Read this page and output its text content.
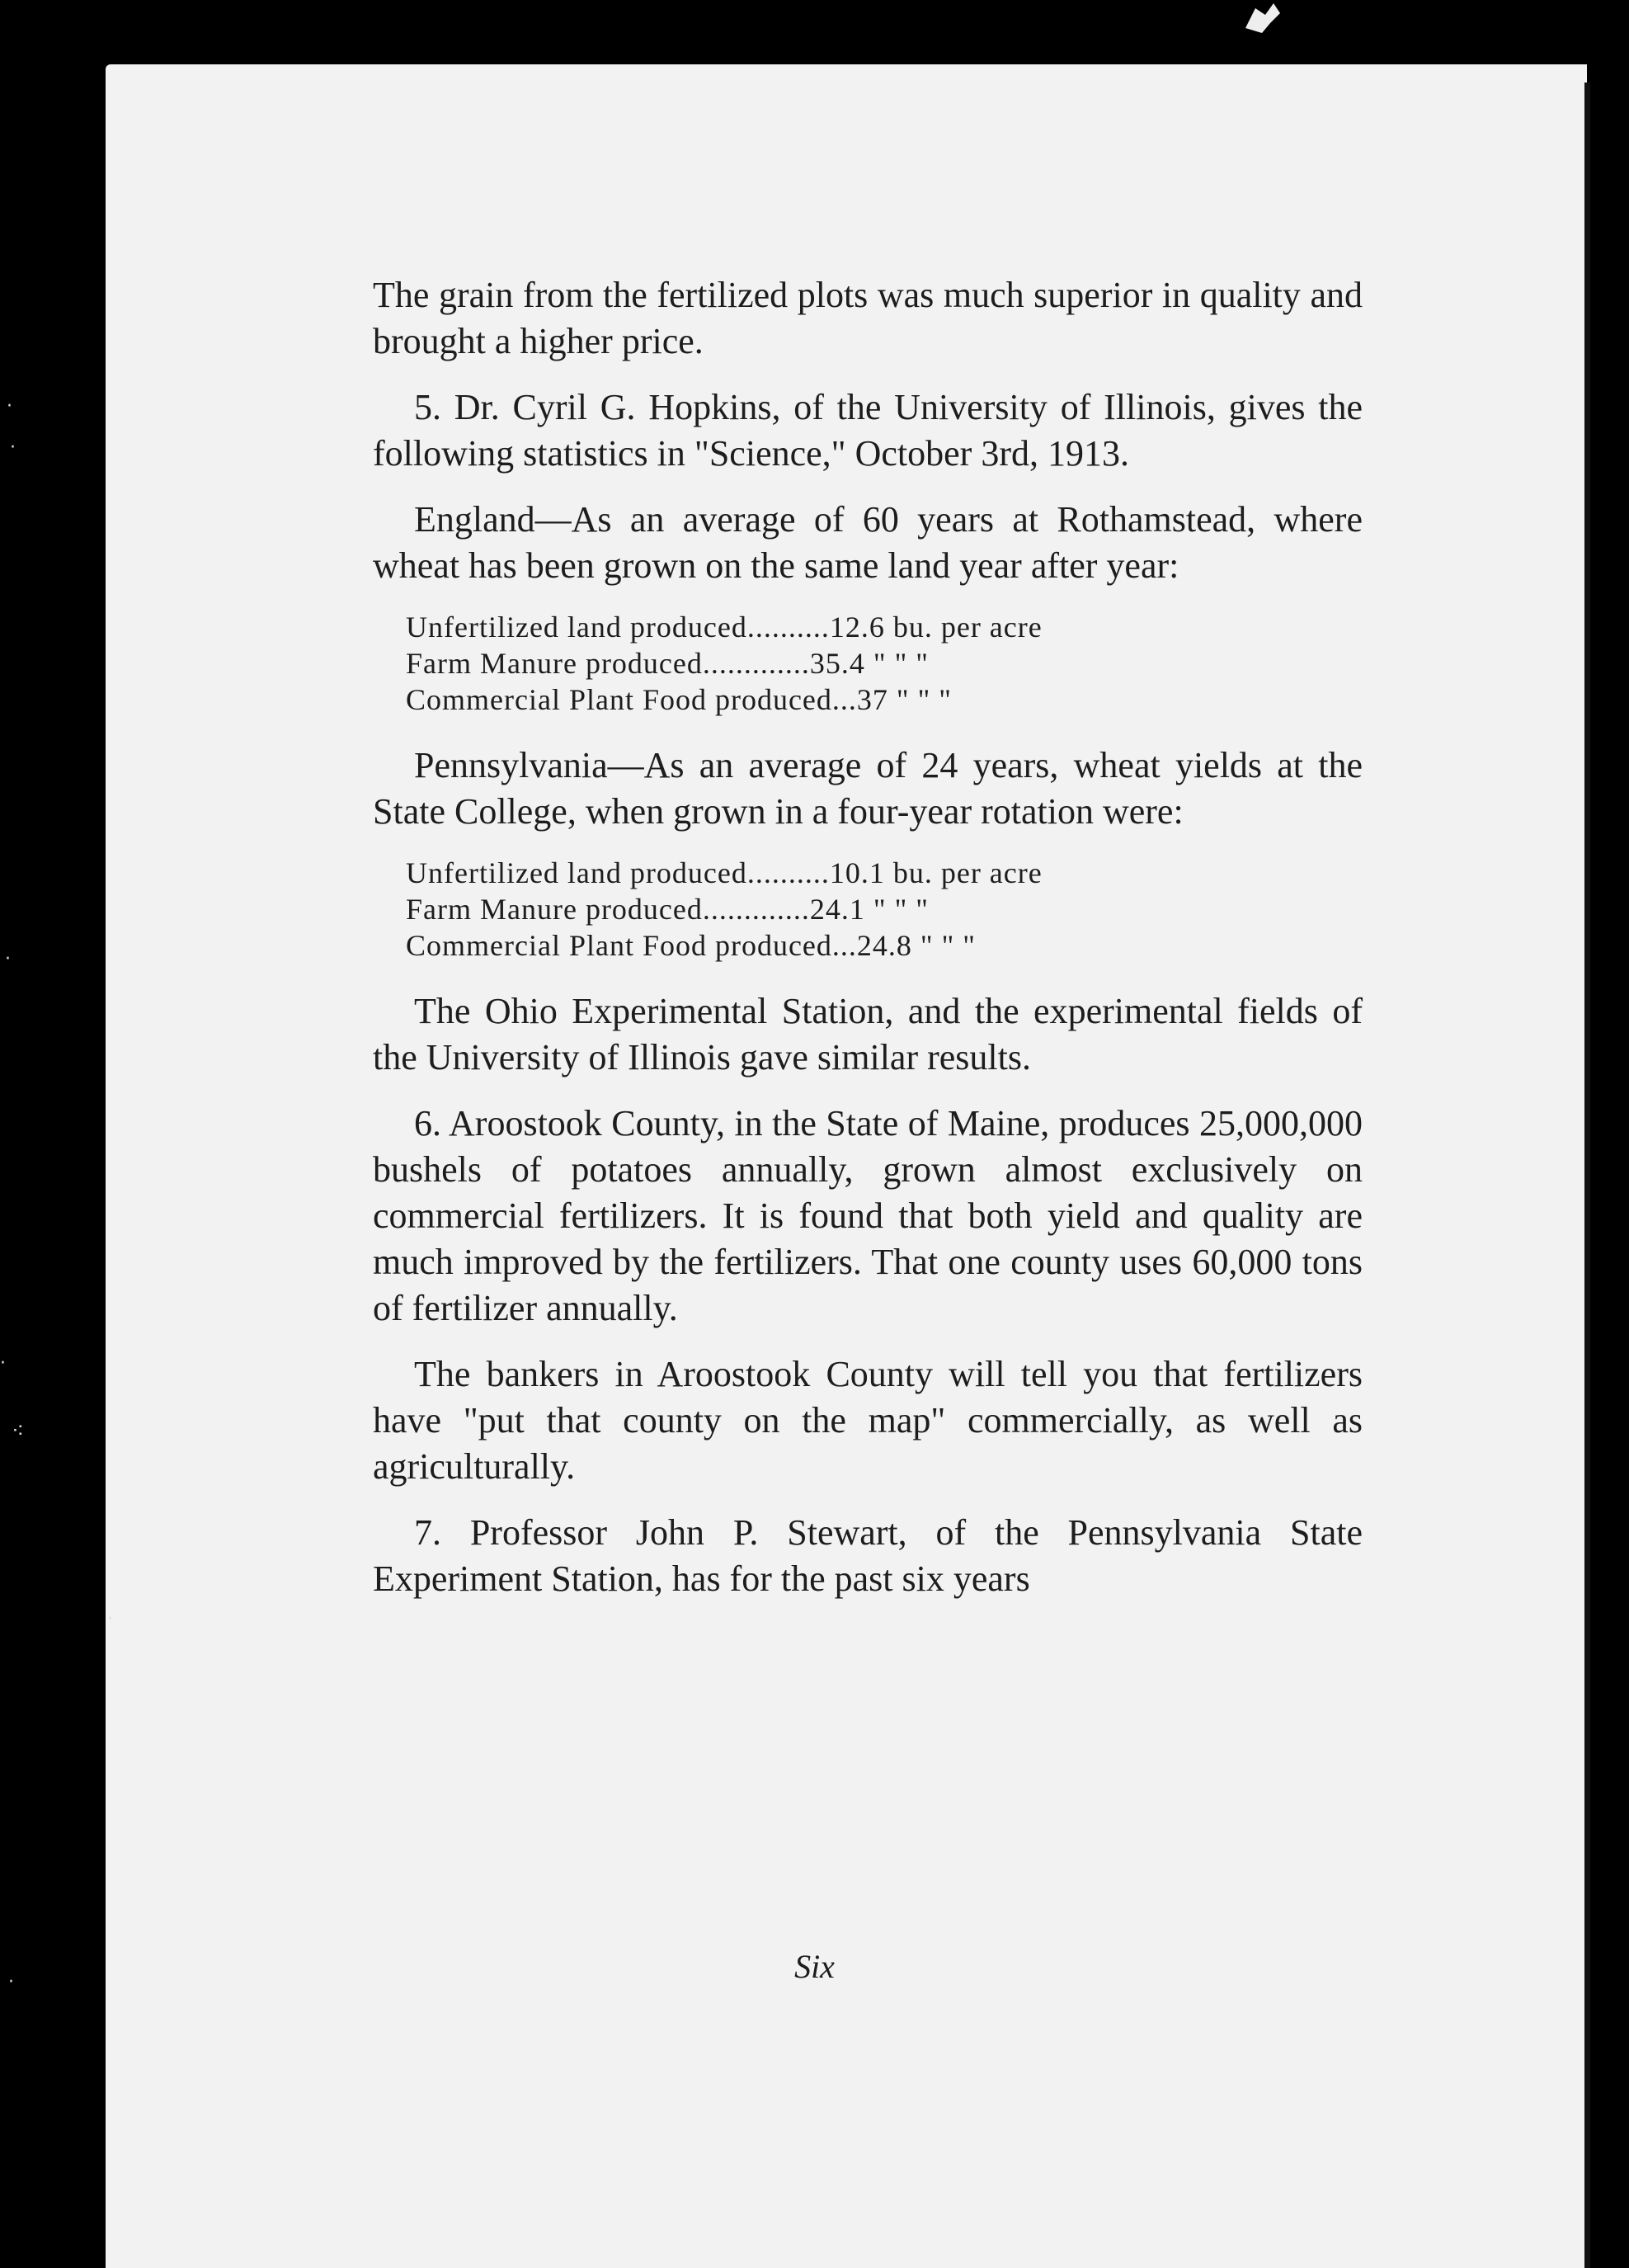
·
·
·
·
⁖
·
·

The grain from the fertilized plots was much superior in quality and brought a higher price.

5. Dr. Cyril G. Hopkins, of the University of Illinois, gives the following statistics in "Science," October 3rd, 1913.

England—As an average of 60 years at Rothamstead, where wheat has been grown on the same land year after year:

Unfertilized land produced..........12.6 bu. per acre
Farm Manure produced.............35.4 " " "
Commercial Plant Food produced...37 " " "

Pennsylvania—As an average of 24 years, wheat yields at the State College, when grown in a four-year rotation were:

Unfertilized land produced..........10.1 bu. per acre
Farm Manure produced.............24.1 " " "
Commercial Plant Food produced...24.8 " " "

The Ohio Experimental Station, and the experimental fields of the University of Illinois gave similar results.

6. Aroostook County, in the State of Maine, produces 25,000,000 bushels of potatoes annually, grown almost exclusively on commercial fertilizers. It is found that both yield and quality are much improved by the fertilizers. That one county uses 60,000 tons of fertilizer annually.

The bankers in Aroostook County will tell you that fertilizers have "put that county on the map" commercially, as well as agriculturally.

7. Professor John P. Stewart, of the Pennsylvania State Experiment Station, has for the past six years

Six
